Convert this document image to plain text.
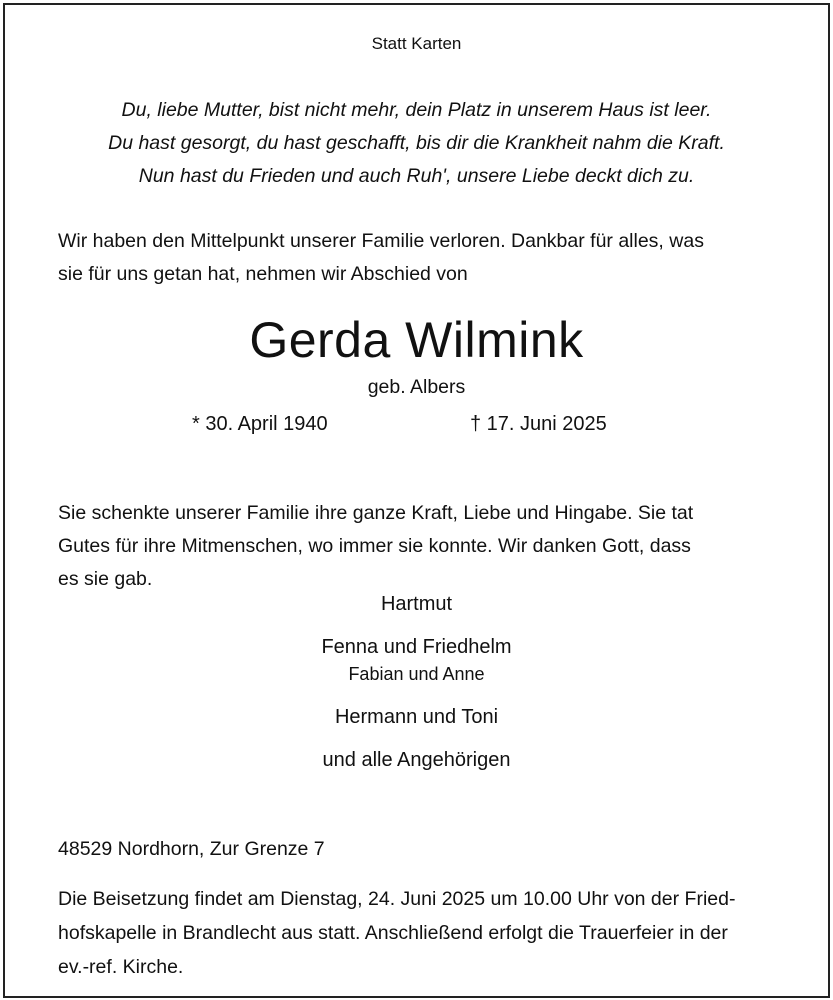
Statt Karten
Du, liebe Mutter, bist nicht mehr, dein Platz in unserem Haus ist leer.
Du hast gesorgt, du hast geschafft, bis dir die Krankheit nahm die Kraft.
Nun hast du Frieden und auch Ruh', unsere Liebe deckt dich zu.
Wir haben den Mittelpunkt unserer Familie verloren. Dankbar für alles, was
sie für uns getan hat, nehmen wir Abschied von
Gerda Wilmink
geb. Albers
* 30. April 1940	† 17. Juni 2025
Sie schenkte unserer Familie ihre ganze Kraft, Liebe und Hingabe. Sie tat
Gutes für ihre Mitmenschen, wo immer sie konnte. Wir danken Gott, dass
es sie gab.
Hartmut
Fenna und Friedhelm
Fabian und Anne
Hermann und Toni
und alle Angehörigen
48529 Nordhorn, Zur Grenze 7
Die Beisetzung findet am Dienstag, 24. Juni 2025 um 10.00 Uhr von der Fried-
hofskapelle in Brandlecht aus statt. Anschließend erfolgt die Trauerfeier in der
ev.-ref. Kirche.
